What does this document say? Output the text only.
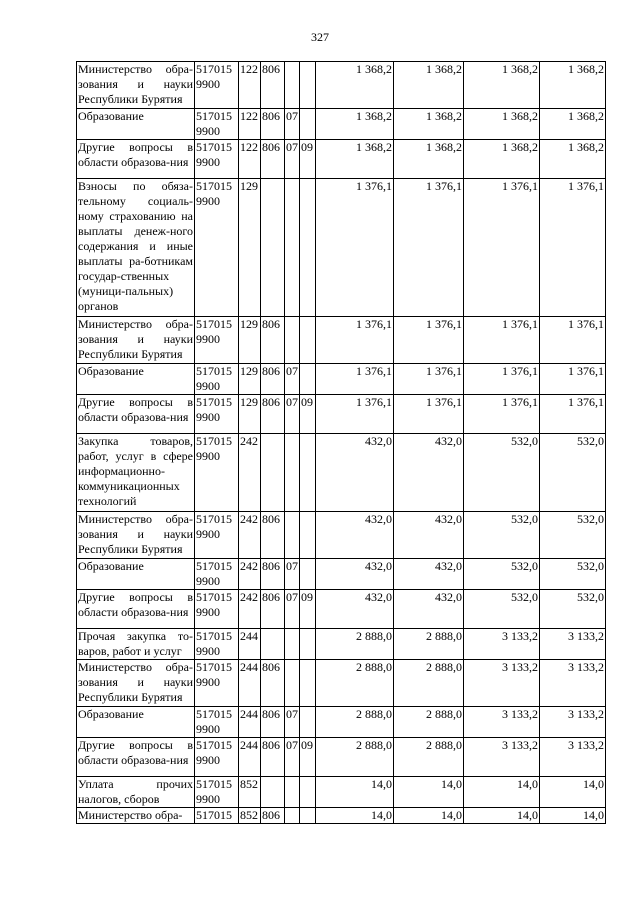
327
Министерство обра-зования и науки Республики Бурятия	517015 9900	122	806			1 368,2	1 368,2	1 368,2	1 368,2
Образование	517015 9900	122	806	07		1 368,2	1 368,2	1 368,2	1 368,2
Другие вопросы в области образова-ния	517015 9900	122	806	07	09	1 368,2	1 368,2	1 368,2	1 368,2
Взносы по обяза-тельному социаль-ному страхованию на выплаты денеж-ного содержания и иные выплаты ра-ботникам государ-ственных (муници-пальных) органов	517015 9900	129				1 376,1	1 376,1	1 376,1	1 376,1
Министерство обра-зования и науки Республики Бурятия	517015 9900	129	806			1 376,1	1 376,1	1 376,1	1 376,1
Образование	517015 9900	129	806	07		1 376,1	1 376,1	1 376,1	1 376,1
Другие вопросы в области образова-ния	517015 9900	129	806	07	09	1 376,1	1 376,1	1 376,1	1 376,1
Закупка товаров, работ, услуг в сфере информационно-коммуникационных технологий	517015 9900	242				432,0	432,0	532,0	532,0
Министерство обра-зования и науки Республики Бурятия	517015 9900	242	806			432,0	432,0	532,0	532,0
Образование	517015 9900	242	806	07		432,0	432,0	532,0	532,0
Другие вопросы в области образова-ния	517015 9900	242	806	07	09	432,0	432,0	532,0	532,0
Прочая закупка то-варов, работ и услуг	517015 9900	244				2 888,0	2 888,0	3 133,2	3 133,2
Министерство обра-зования и науки Республики Бурятия	517015 9900	244	806			2 888,0	2 888,0	3 133,2	3 133,2
Образование	517015 9900	244	806	07		2 888,0	2 888,0	3 133,2	3 133,2
Другие вопросы в области образова-ния	517015 9900	244	806	07	09	2 888,0	2 888,0	3 133,2	3 133,2
Уплата прочих налогов, сборов	517015 9900	852				14,0	14,0	14,0	14,0
Министерство обра-	517015	852	806			14,0	14,0	14,0	14,0
